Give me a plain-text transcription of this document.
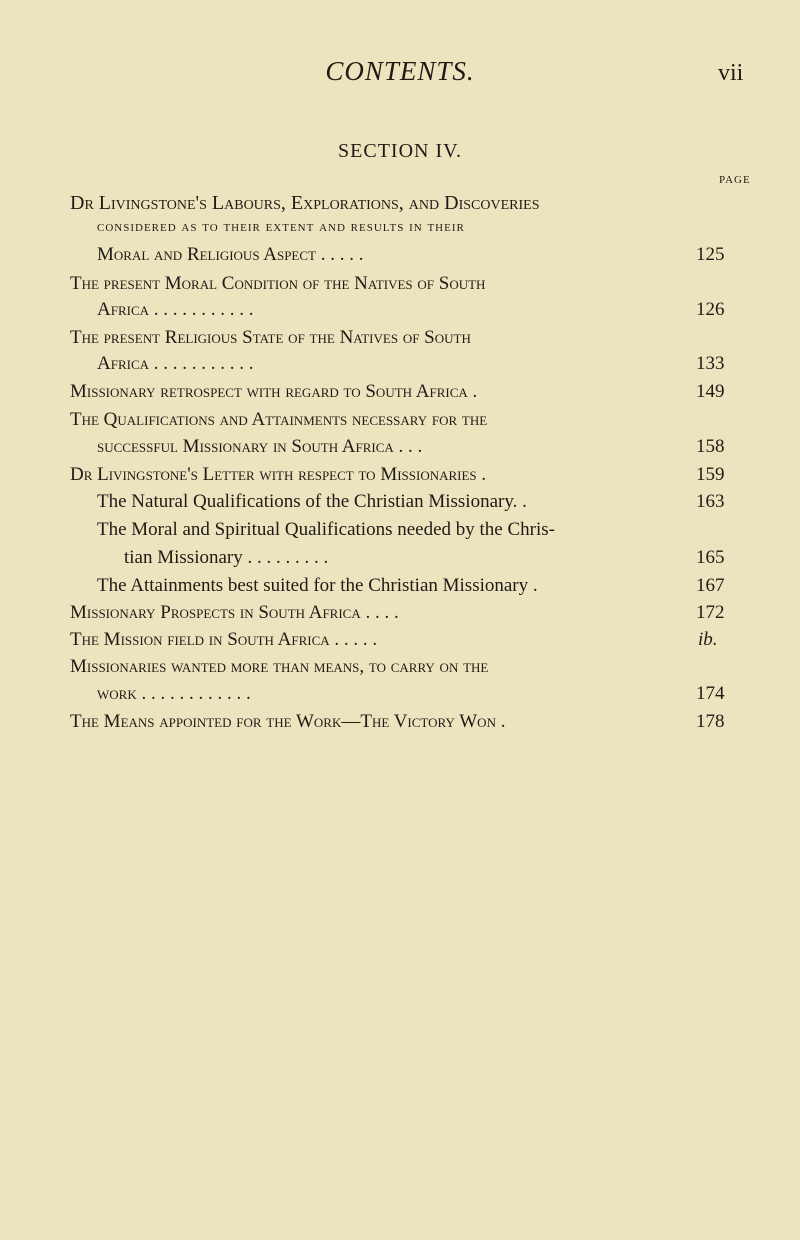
CONTENTS.	vii
SECTION IV.
PAGE
Dr Livingstone's Labours, Explorations, and Discoveries
considered as to their extent and results in their
Moral and Religious Aspect . . . . .	125
The present Moral Condition of the Natives of South
Africa . . . . . . . . . . .	126
The present Religious State of the Natives of South
Africa . . . . . . . . . . .	133
Missionary retrospect with regard to South Africa .	149
The Qualifications and Attainments necessary for the
successful Missionary in South Africa . . .	158
Dr Livingstone's Letter with respect to Missionaries .	159
The Natural Qualifications of the Christian Missionary. .	163
The Moral and Spiritual Qualifications needed by the Chris-
tian Missionary . . . . . . . . .	165
The Attainments best suited for the Christian Missionary .	167
Missionary Prospects in South Africa . . . .	172
The Mission field in South Africa . . . . .	ib.
Missionaries wanted more than means, to carry on the
work . . . . . . . . . . . .	174
The Means appointed for the Work—The Victory Won .	178
